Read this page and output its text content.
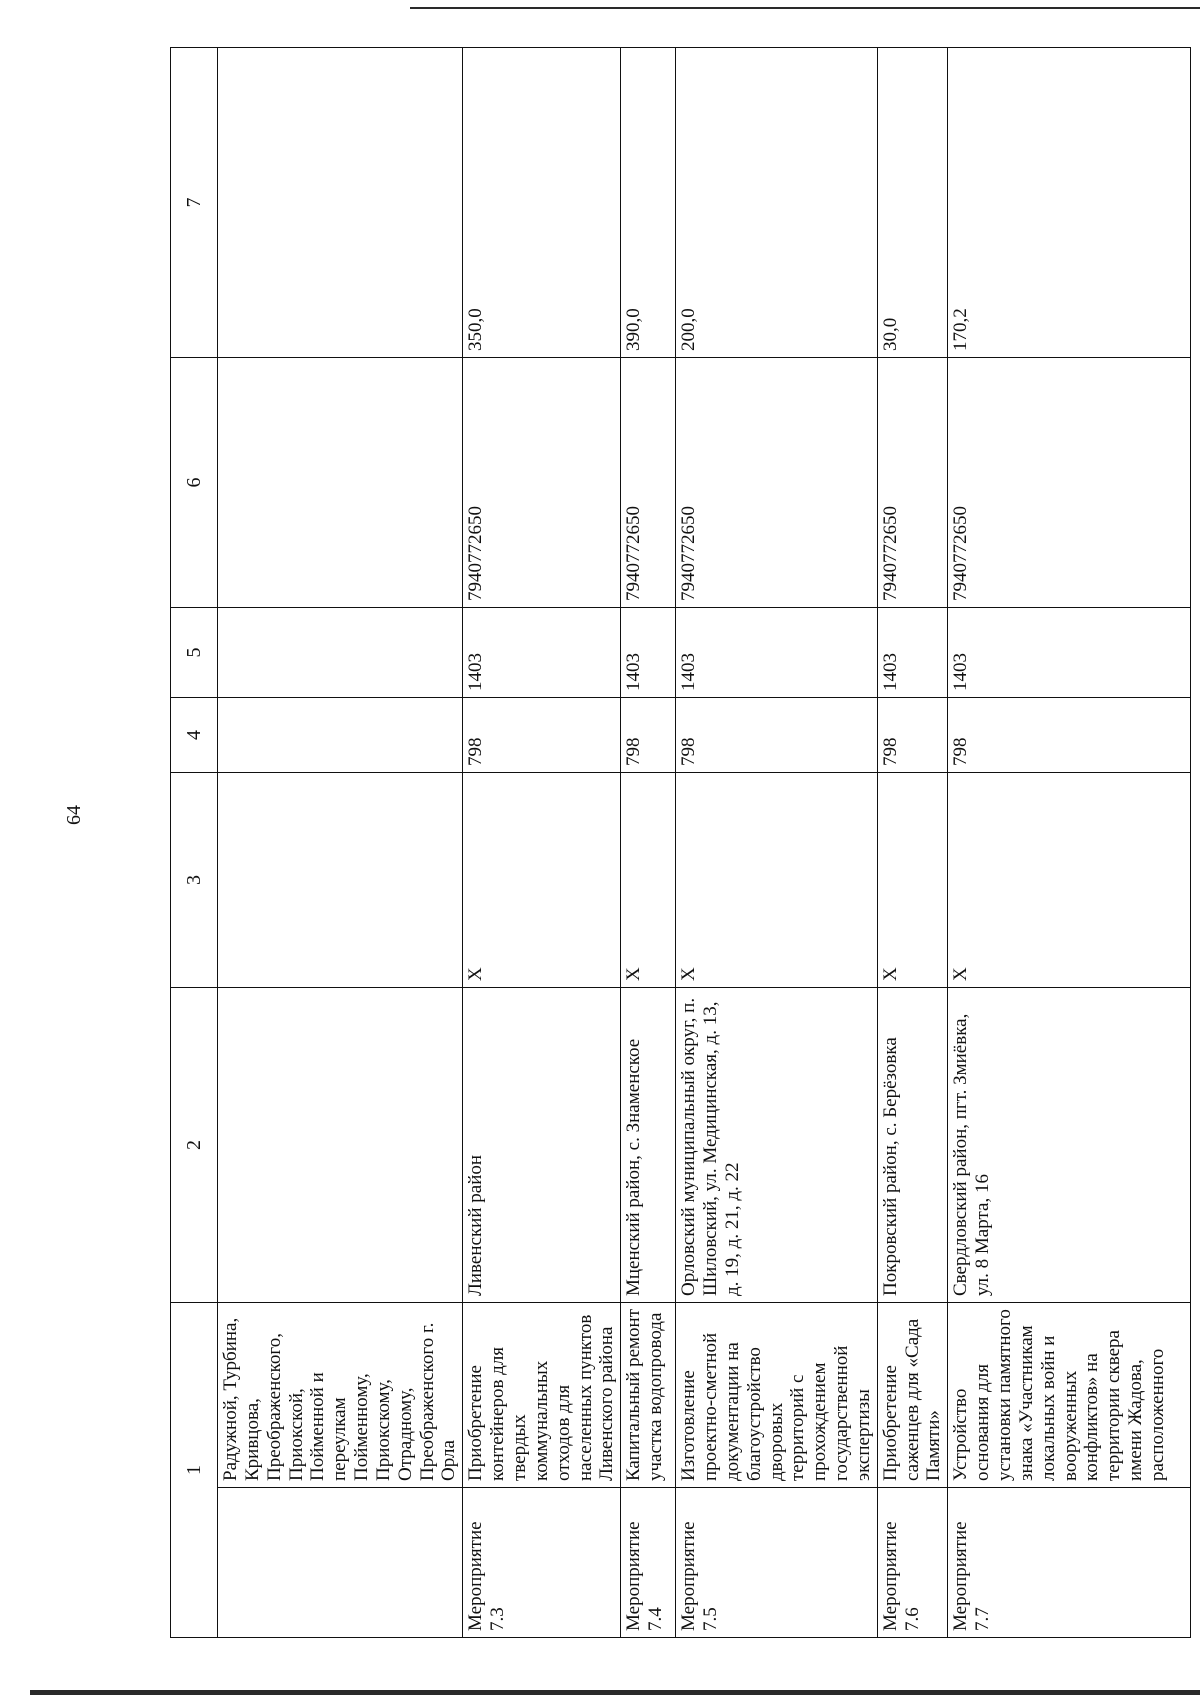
64
1		2	3	4	5	6	7
	Радужной, Турбина, Кривцова, Преображенского, Приокской, Пойменной и переулкам Пойменному, Приокскому, Отрадному, Преображенского г. Орла						
Мероприятие 7.3	Приобретение контейнеров для твердых коммунальных отходов для населенных пунктов Ливенского района	Ливенский район	Х	798	1403	7940772650	350,0
Мероприятие 7.4	Капитальный ремонт участка водопровода	Мценский район, с. Знаменское	Х	798	1403	7940772650	390,0
Мероприятие 7.5	Изготовление проектно-сметной документации на благоустройство дворовых территорий с прохождением государственной экспертизы	Орловский муниципальный округ, п. Шиловский, ул. Медицинская, д. 13, д. 19, д. 21, д. 22	Х	798	1403	7940772650	200,0
Мероприятие 7.6	Приобретение саженцев для «Сада Памяти»	Покровский район, с. Берёзовка	Х	798	1403	7940772650	30,0
Мероприятие 7.7	Устройство основания для установки памятного знака «Участникам локальных войн и вооруженных конфликтов» на территории сквера имени Жадова, расположенного	Свердловский район, пгт. Змиёвка, ул. 8 Марта, 16	Х	798	1403	7940772650	170,2
